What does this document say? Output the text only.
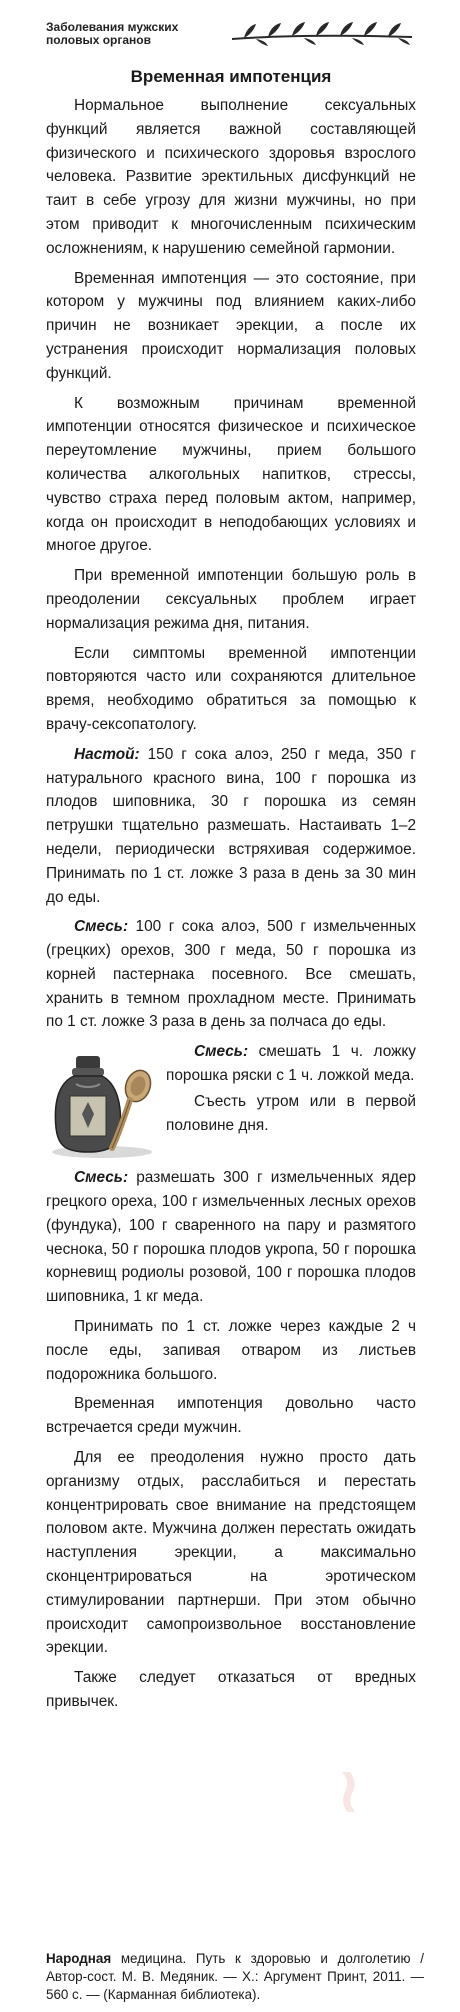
Заболевания мужских
половых органов
Временная импотенция

Нормальное выполнение сексуальных функций является важной составляющей физического и психического здоровья взрослого человека. Развитие эректильных дисфункций не таит в себе угрозу для жизни мужчины, но при этом приводит к многочисленным психическим осложнениям, к нарушению семейной гармонии.

Временная импотенция — это состояние, при котором у мужчины под влиянием каких-либо причин не возникает эрекции, а после их устранения происходит нормализация половых функций.

К возможным причинам временной импотенции относятся физическое и психическое переутомление мужчины, прием большого количества алкогольных напитков, стрессы, чувство страха перед половым актом, например, когда он происходит в неподобающих условиях и многое другое.

При временной импотенции большую роль в преодолении сексуальных проблем играет нормализация режима дня, питания.

Если симптомы временной импотенции повторяются часто или сохраняются длительное время, необходимо обратиться за помощью к врачу-сексопатологу.

Настой: 150 г сока алоэ, 250 г меда, 350 г натурального красного вина, 100 г порошка из плодов шиповника, 30 г порошка из семян петрушки тщательно размешать. Настаивать 1–2 недели, периодически встряхивая содержимое. Принимать по 1 ст. ложке 3 раза в день за 30 мин до еды.

Смесь: 100 г сока алоэ, 500 г измельченных (грецких) орехов, 300 г меда, 50 г порошка из корней пастернака посевного. Все смешать, хранить в темном прохладном месте. Принимать по 1 ст. ложке 3 раза в день за полчаса до еды.

Смесь: смешать 1 ч. ложку порошка ряски с 1 ч. ложкой меда.

Съесть утром или в первой половине дня.

Смесь: размешать 300 г измельченных ядер грецкого ореха, 100 г измельченных лесных орехов (фундука), 100 г сваренного на пару и размятого чеснока, 50 г порошка плодов укропа, 50 г порошка корневищ родиолы розовой, 100 г порошка плодов шиповника, 1 кг меда.

Принимать по 1 ст. ложке через каждые 2 ч после еды, запивая отваром из листьев подорожника большого.

Временная импотенция довольно часто встречается среди мужчин.

Для ее преодоления нужно просто дать организму отдых, расслабиться и перестать концентрировать свое внимание на предстоящем половом акте. Мужчина должен перестать ожидать наступления эрекции, а максимально сконцентрироваться на эротическом стимулировании партнерши. При этом обычно происходит самопроизвольное восстановление эрекции.

Также следует отказаться от вредных привычек.

~
Народная медицина. Путь к здоровью и долголетию / Автор-сост. М. В. Медяник. — Х.: Аргумент Принт, 2011. — 560 с. — (Карманная библиотека).
